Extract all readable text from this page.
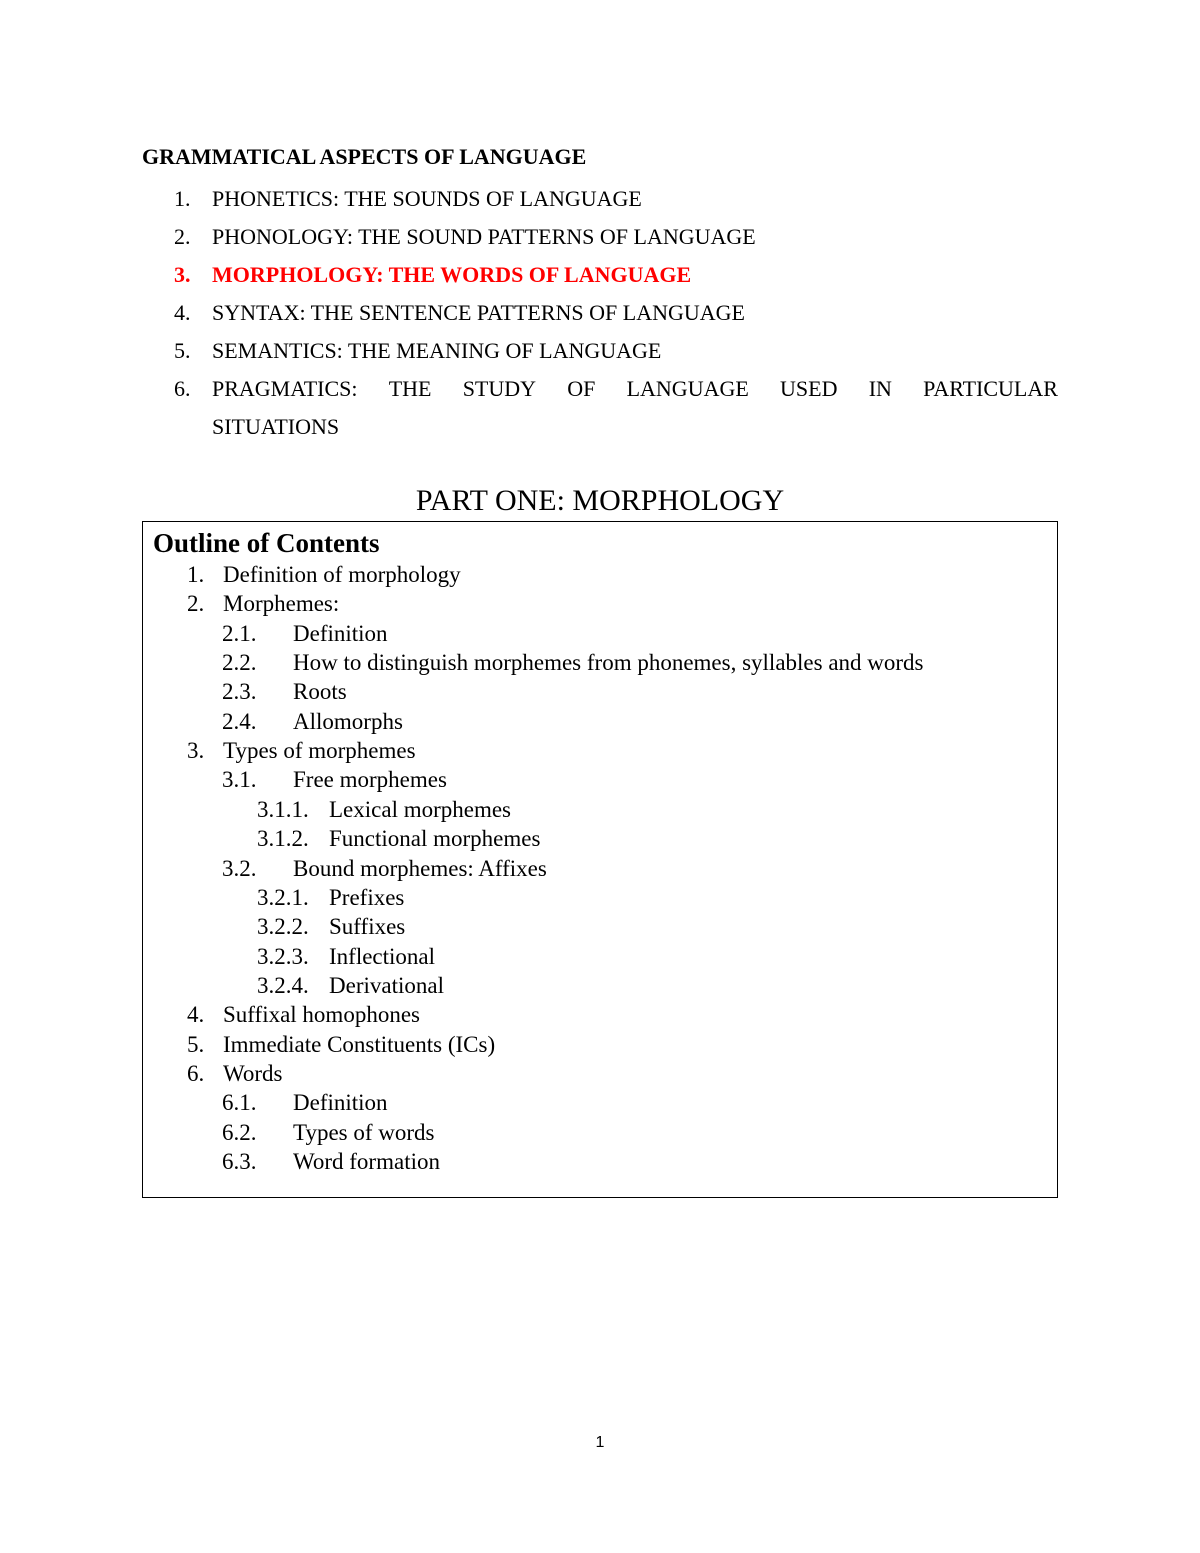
GRAMMATICAL ASPECTS OF LANGUAGE
1. PHONETICS: THE SOUNDS OF LANGUAGE
2. PHONOLOGY: THE SOUND PATTERNS OF LANGUAGE
3. MORPHOLOGY: THE WORDS OF LANGUAGE
4. SYNTAX: THE SENTENCE PATTERNS OF LANGUAGE
5. SEMANTICS: THE MEANING OF LANGUAGE
6. PRAGMATICS: THE STUDY OF LANGUAGE USED IN PARTICULAR
SITUATIONS
PART ONE: MORPHOLOGY
Outline of Contents
1. Definition of morphology
2. Morphemes:
2.1. Definition
2.2. How to distinguish morphemes from phonemes, syllables and words
2.3. Roots
2.4. Allomorphs
3. Types of morphemes
3.1. Free morphemes
3.1.1. Lexical morphemes
3.1.2. Functional morphemes
3.2. Bound morphemes: Affixes
3.2.1. Prefixes
3.2.2. Suffixes
3.2.3. Inflectional
3.2.4. Derivational
4. Suffixal homophones
5. Immediate Constituents (ICs)
6. Words
6.1. Definition
6.2. Types of words
6.3. Word formation
1
